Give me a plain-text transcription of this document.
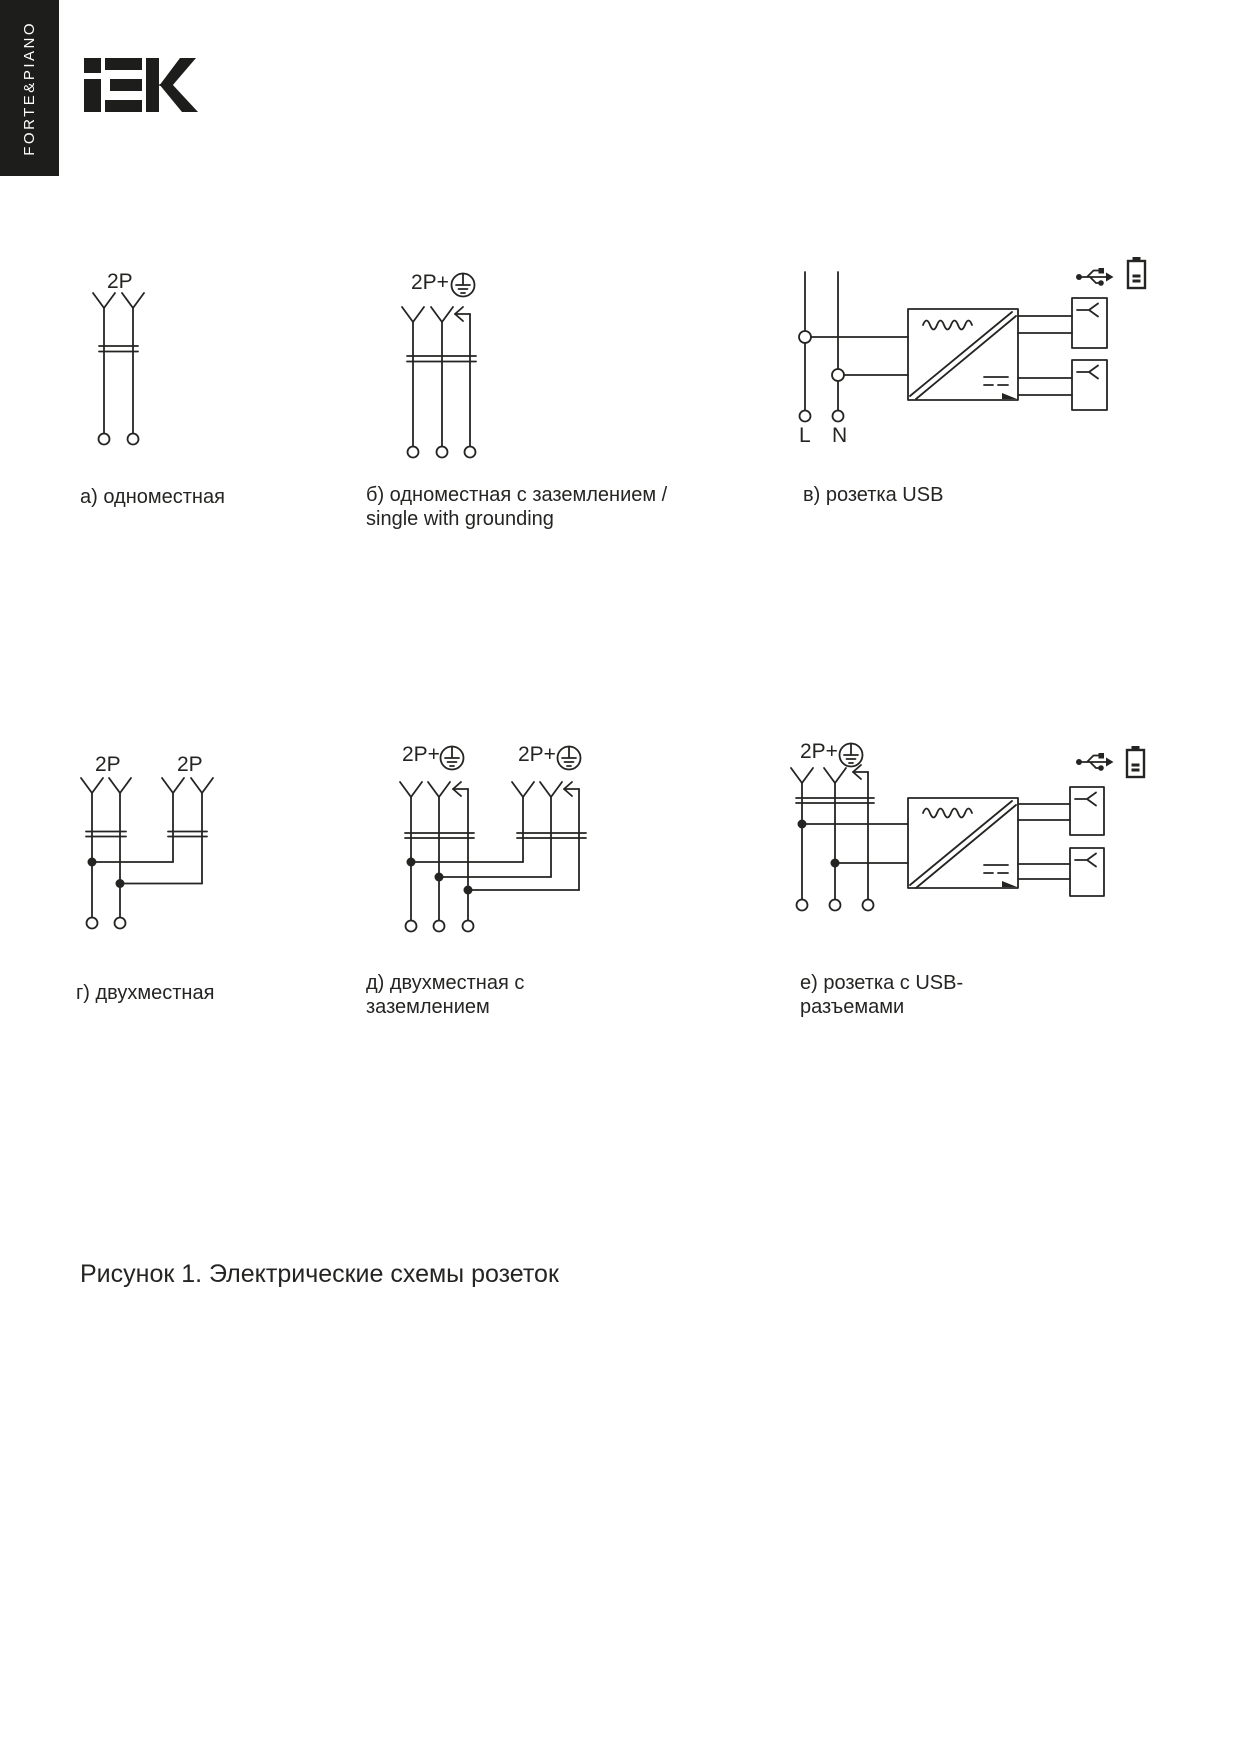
FORTE&PIANO
2P	2P+
L N
2P	2P	2P+	2P+	2P+
а) одноместная	б) одноместная с заземлением /
single with grounding
в) розетка USB
г) двухместная	д) двухместная с
заземлением
е) розетка с USB-
разъемами
Рисунок 1. Электрические схемы розеток
